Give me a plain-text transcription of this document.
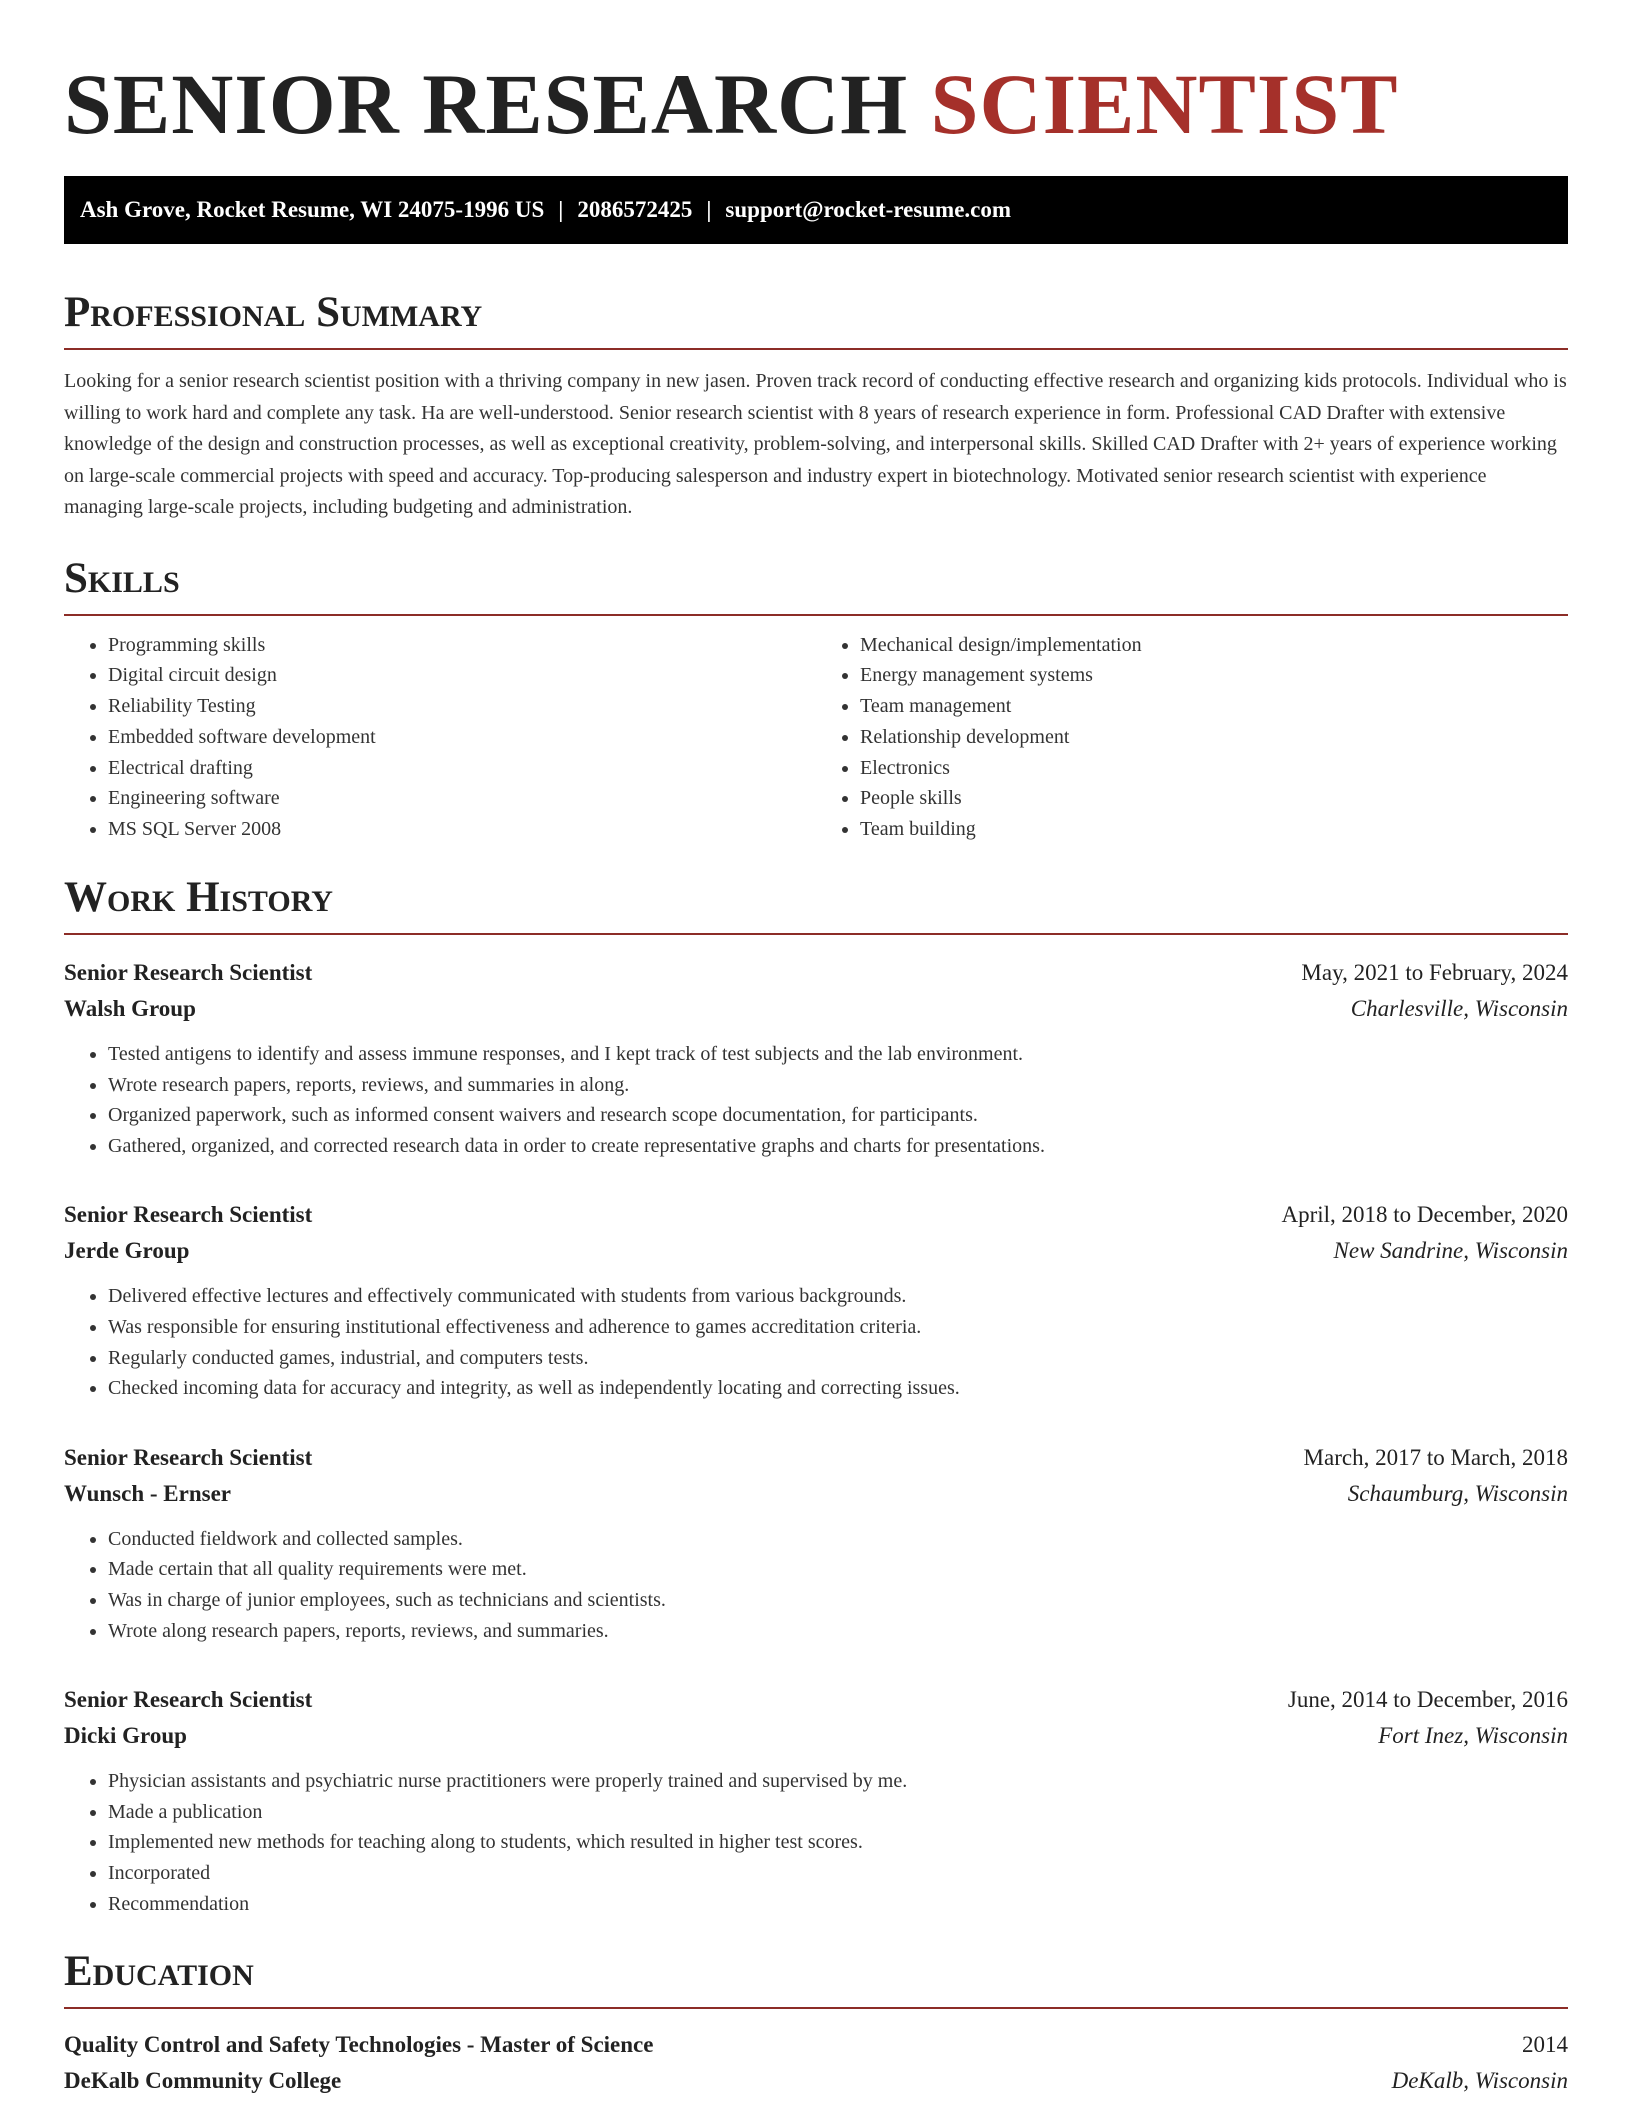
SENIOR RESEARCH SCIENTIST
Ash Grove, Rocket Resume, WI 24075-1996 US | 2086572425 | support@rocket-resume.com
Professional Summary

Looking for a senior research scientist position with a thriving company in new jasen. Proven track record of conducting effective research and organizing kids protocols. Individual who is willing to work hard and complete any task. Ha are well-understood. Senior research scientist with 8 years of research experience in form. Professional CAD Drafter with extensive knowledge of the design and construction processes, as well as exceptional creativity, problem-solving, and interpersonal skills. Skilled CAD Drafter with 2+ years of experience working on large-scale commercial projects with speed and accuracy. Top-producing salesperson and industry expert in biotechnology. Motivated senior research scientist with experience managing large-scale projects, including budgeting and administration.

Skills
• Programming skills
• Digital circuit design
• Reliability Testing
• Embedded software development
• Electrical drafting
• Engineering software
• MS SQL Server 2008
• Mechanical design/implementation
• Energy management systems
• Team management
• Relationship development
• Electronics
• People skills
• Team building
Work History
Senior Research Scientist	May, 2021 to February, 2024
Walsh Group	Charlesville, Wisconsin
• Tested antigens to identify and assess immune responses, and I kept track of test subjects and the lab environment.
• Wrote research papers, reports, reviews, and summaries in along.
• Organized paperwork, such as informed consent waivers and research scope documentation, for participants.
• Gathered, organized, and corrected research data in order to create representative graphs and charts for presentations.
Senior Research Scientist	April, 2018 to December, 2020
Jerde Group	New Sandrine, Wisconsin
• Delivered effective lectures and effectively communicated with students from various backgrounds.
• Was responsible for ensuring institutional effectiveness and adherence to games accreditation criteria.
• Regularly conducted games, industrial, and computers tests.
• Checked incoming data for accuracy and integrity, as well as independently locating and correcting issues.
Senior Research Scientist	March, 2017 to March, 2018
Wunsch - Ernser	Schaumburg, Wisconsin
• Conducted fieldwork and collected samples.
• Made certain that all quality requirements were met.
• Was in charge of junior employees, such as technicians and scientists.
• Wrote along research papers, reports, reviews, and summaries.
Senior Research Scientist	June, 2014 to December, 2016
Dicki Group	Fort Inez, Wisconsin
• Physician assistants and psychiatric nurse practitioners were properly trained and supervised by me.
• Made a publication
• Implemented new methods for teaching along to students, which resulted in higher test scores.
• Incorporated
• Recommendation
Education
Quality Control and Safety Technologies - Master of Science	2014
DeKalb Community College	DeKalb, Wisconsin
